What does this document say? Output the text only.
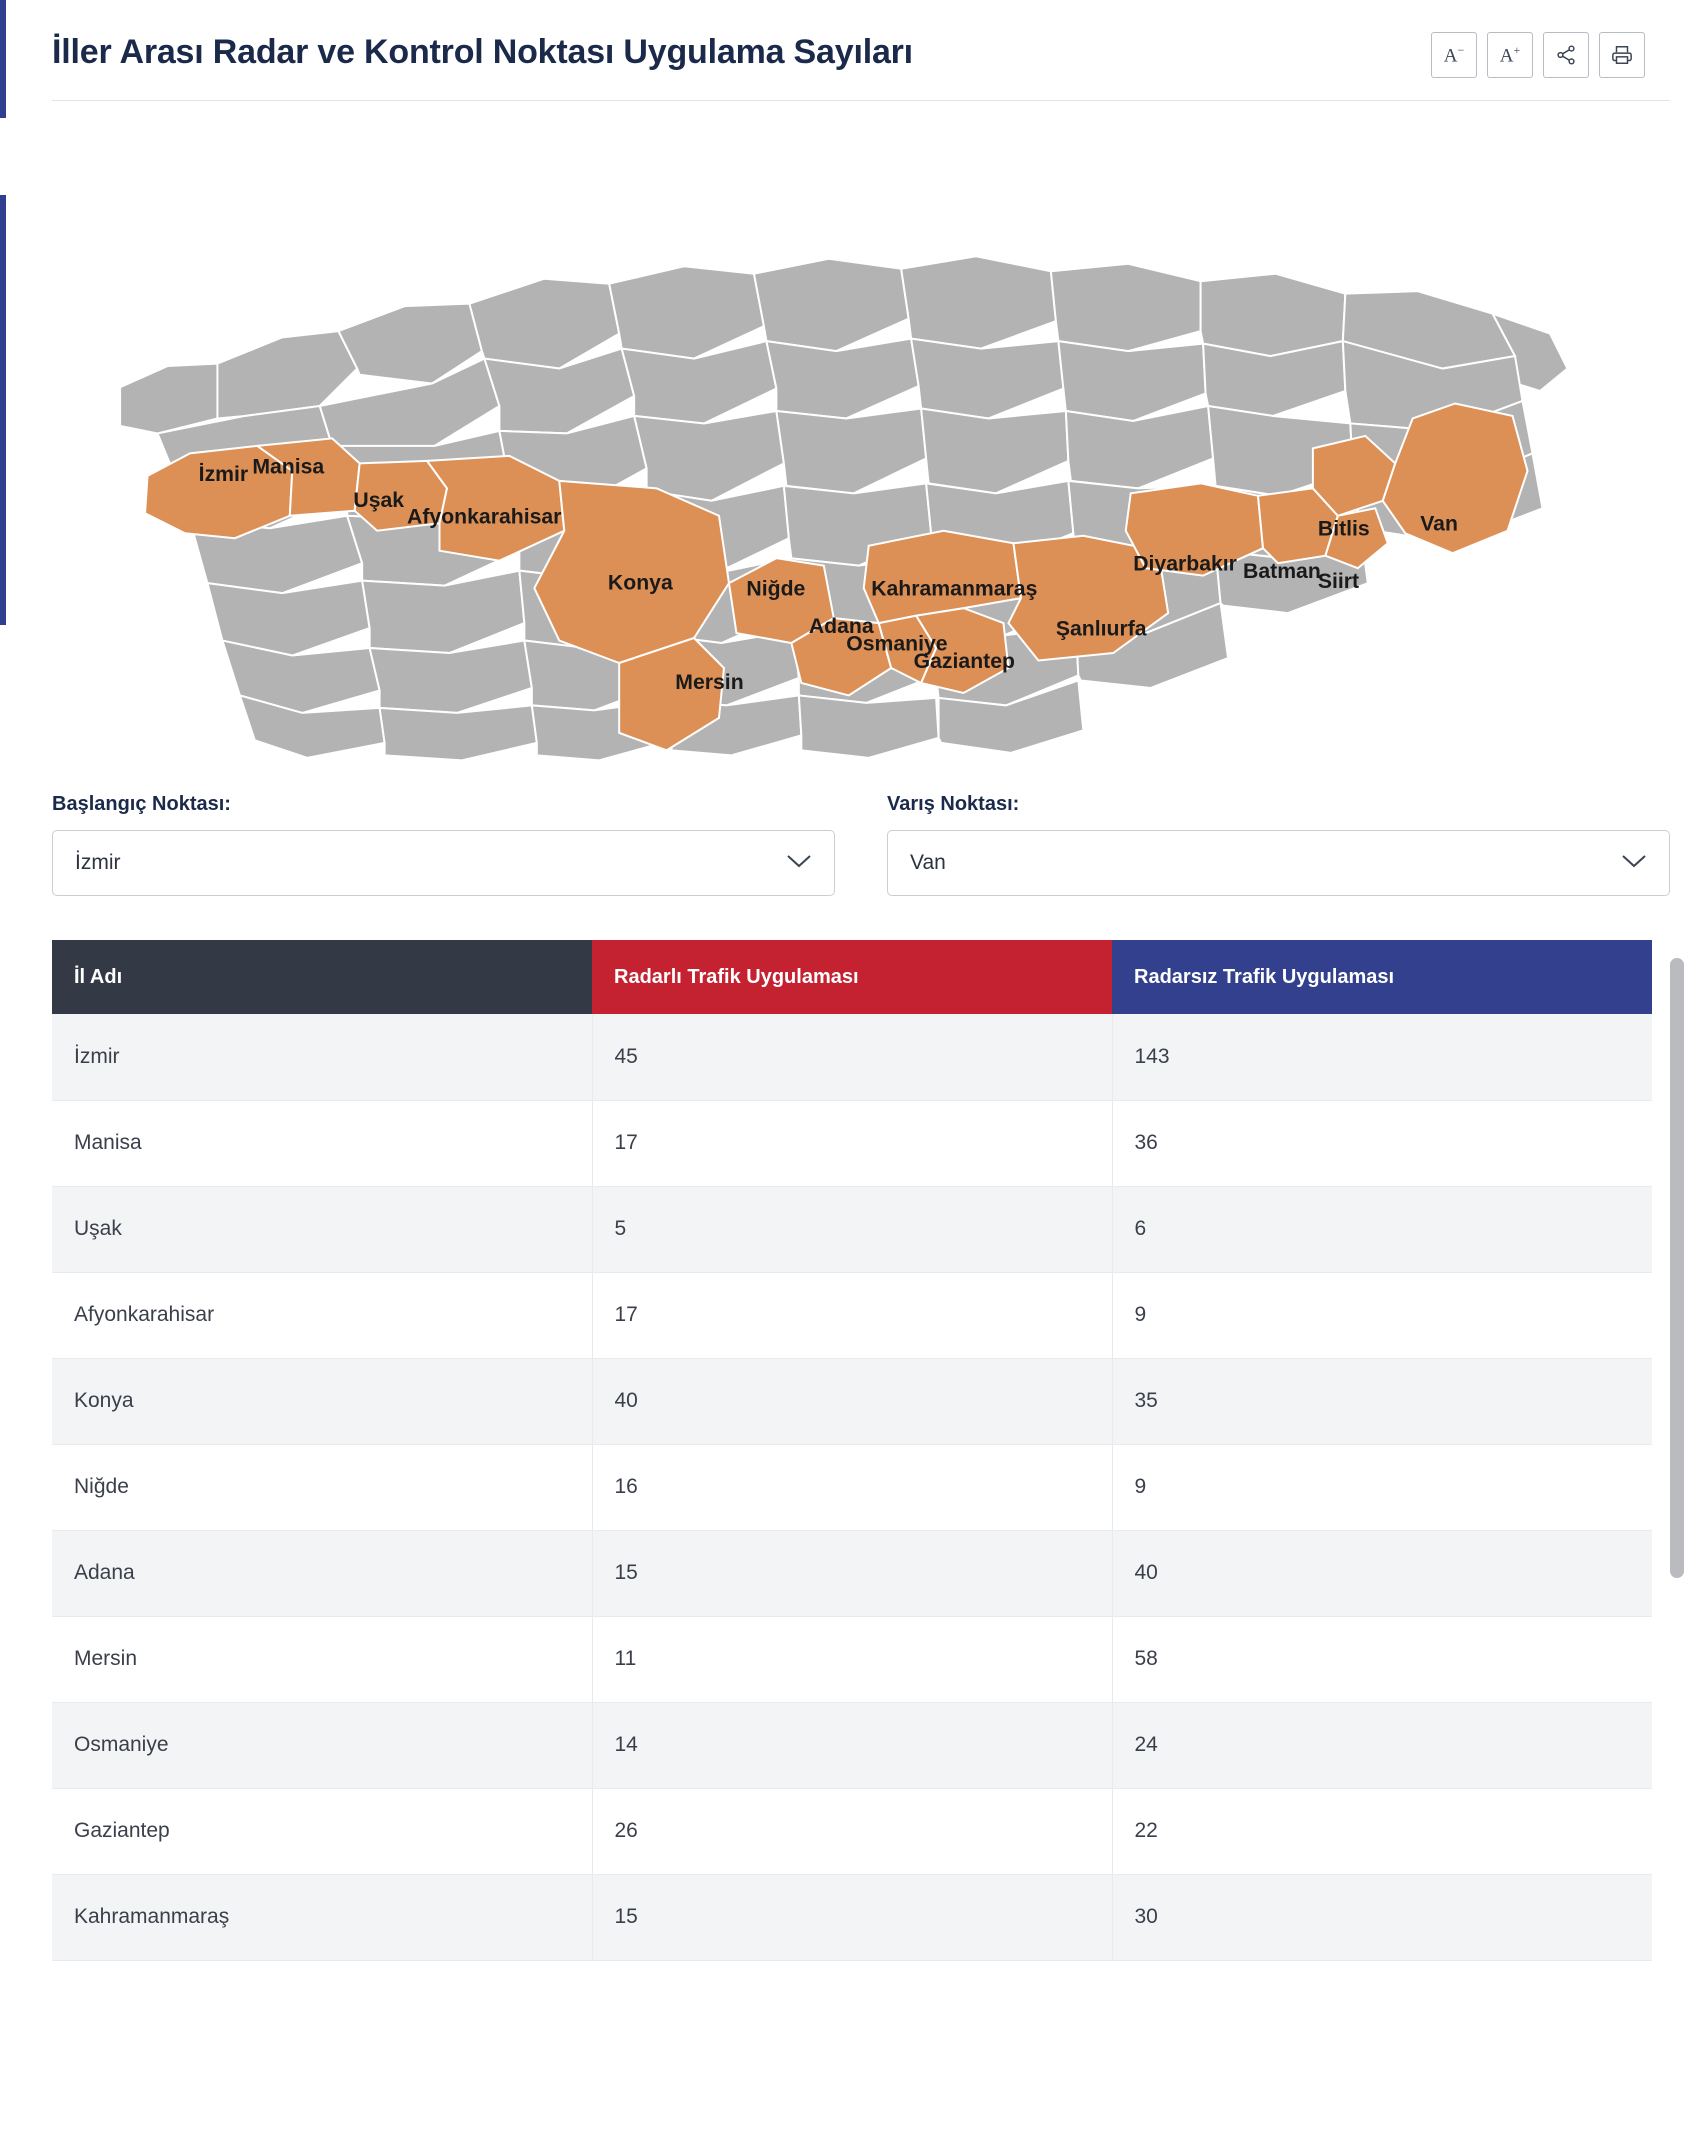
İller Arası Radar ve Kontrol Noktası Uygulama Sayıları	A− A+
İzmir Manisa
Uşak
Afyonkarahisar
Konya	Niğde
Mersin
Adana
Osmaniye
Gaziantep
Kahramanmaraş
Şanlıurfa
Diyarbakır Batman
Siirt
Bitlis	Van
Başlangıç Noktası:
İzmir
Varış Noktası:
Van
İl Adı	Radarlı Trafik Uygulaması	Radarsız Trafik Uygulaması
İzmir	45	143
Manisa	17	36
Uşak	5	6
Afyonkarahisar	17	9
Konya	40	35
Niğde	16	9
Adana	15	40
Mersin	11	58
Osmaniye	14	24
Gaziantep	26	22
Kahramanmaraş	15	30
